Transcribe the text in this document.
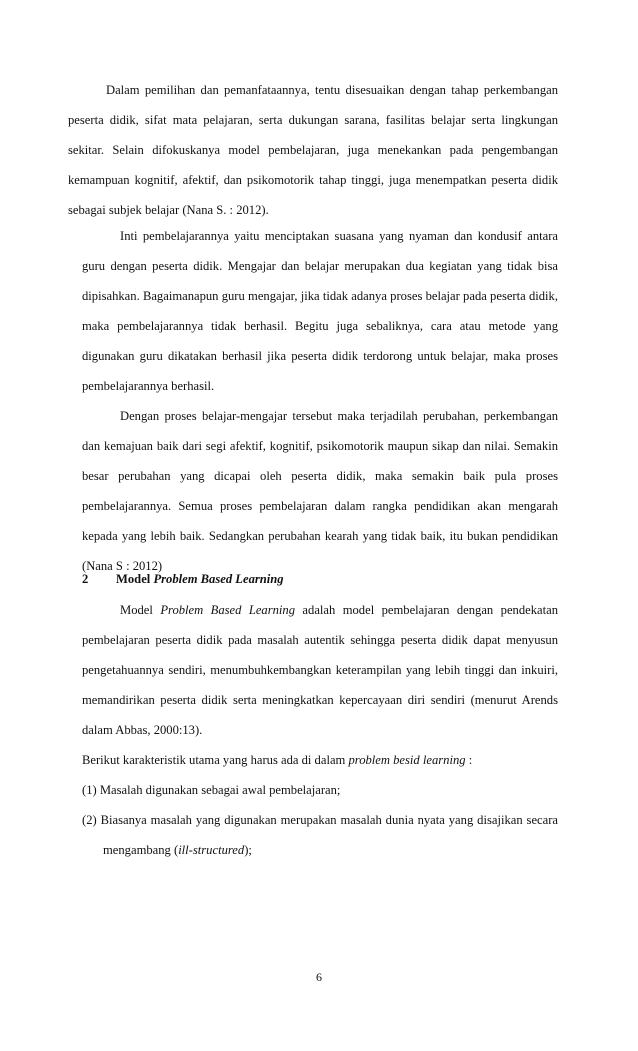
Dalam pemilihan dan pemanfataannya, tentu disesuaikan dengan tahap perkembangan peserta didik, sifat mata pelajaran, serta dukungan sarana, fasilitas belajar serta lingkungan sekitar. Selain difokuskanya model pembelajaran, juga menekankan pada pengembangan kemampuan kognitif, afektif, dan psikomotorik tahap tinggi, juga menempatkan peserta didik sebagai subjek belajar (Nana S. : 2012).

Inti pembelajarannya yaitu menciptakan suasana yang nyaman dan kondusif antara guru dengan peserta didik. Mengajar dan belajar merupakan dua kegiatan yang tidak bisa dipisahkan. Bagaimanapun guru mengajar, jika tidak adanya proses belajar pada peserta didik, maka pembelajarannya tidak berhasil. Begitu juga sebaliknya, cara atau metode yang digunakan guru dikatakan berhasil jika peserta didik terdorong untuk belajar, maka proses pembelajarannya berhasil.

Dengan proses belajar-mengajar tersebut maka terjadilah perubahan, perkembangan dan kemajuan baik dari segi afektif, kognitif, psikomotorik maupun sikap dan nilai. Semakin besar perubahan yang dicapai oleh peserta didik, maka semakin baik pula proses pembelajarannya. Semua proses pembelajaran dalam rangka pendidikan akan mengarah kepada yang lebih baik. Sedangkan perubahan kearah yang tidak baik, itu bukan pendidikan (Nana S : 2012)

2 Model Problem Based Learning

Model Problem Based Learning adalah model pembelajaran dengan pendekatan pembelajaran peserta didik pada masalah autentik sehingga peserta didik dapat menyusun pengetahuannya sendiri, menumbuhkembangkan keterampilan yang lebih tinggi dan inkuiri, memandirikan peserta didik serta meningkatkan kepercayaan diri sendiri (menurut Arends dalam Abbas, 2000:13).

Berikut karakteristik utama yang harus ada di dalam problem besid learning :

(1) Masalah digunakan sebagai awal pembelajaran;

(2) Biasanya masalah yang digunakan merupakan masalah dunia nyata yang disajikan secara mengambang (ill-structured);

6
